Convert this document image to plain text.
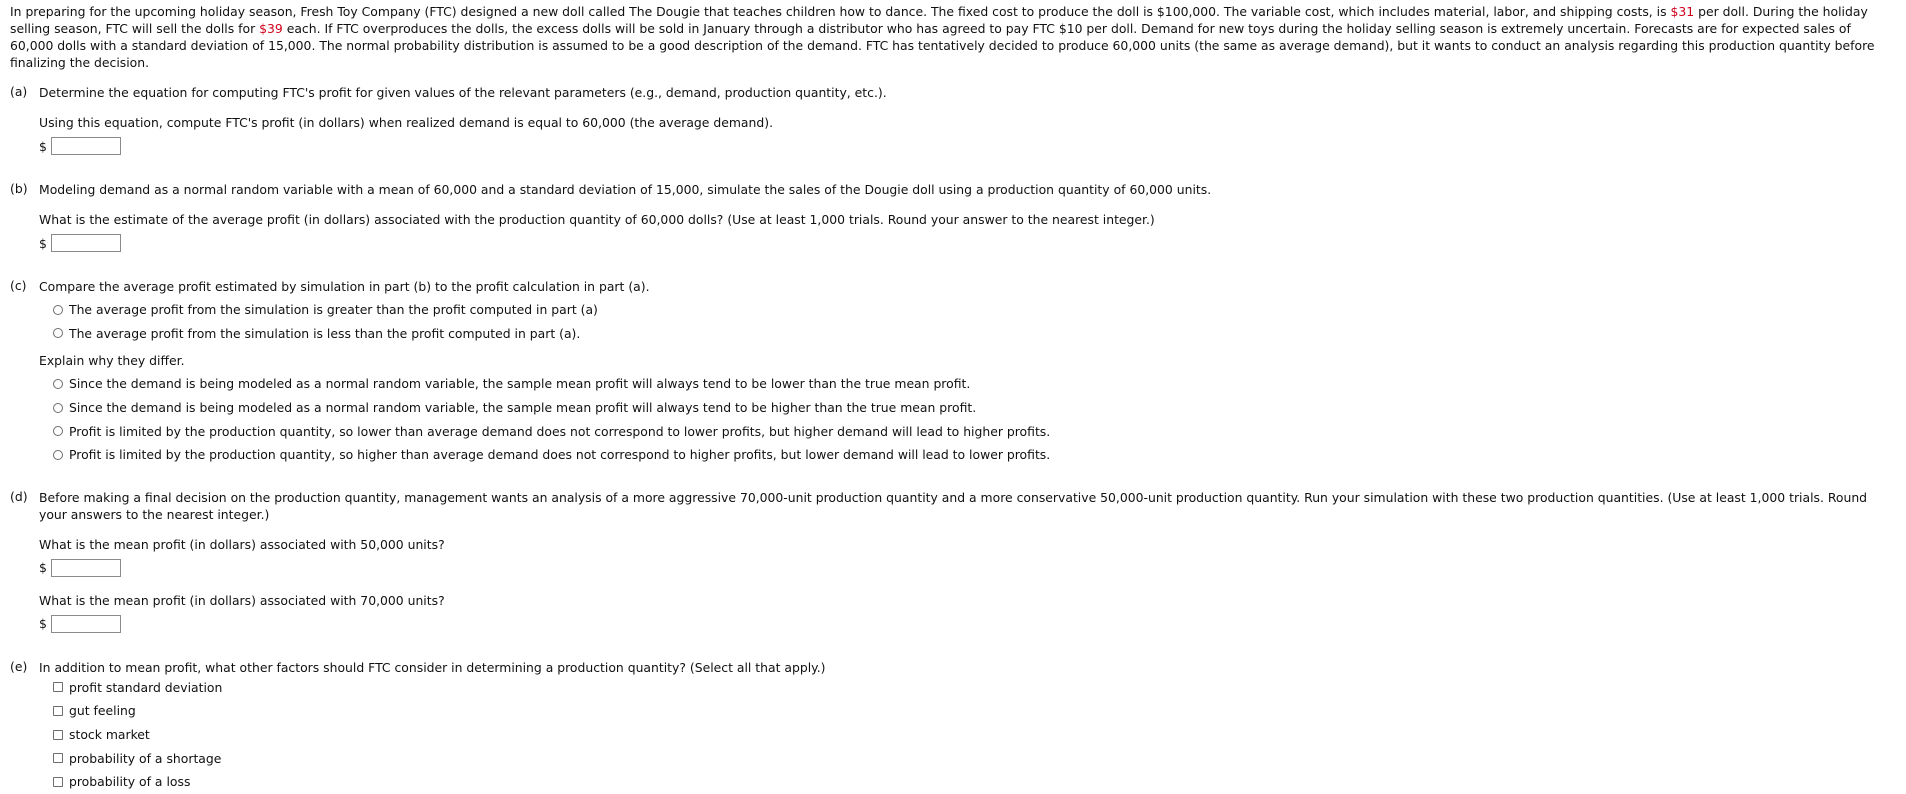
In preparing for the upcoming holiday season, Fresh Toy Company (FTC) designed a new doll called The Dougie that teaches children how to dance. The fixed cost to produce the doll is $100,000. The variable cost, which includes material, labor, and shipping costs, is $31 per doll. During the holiday selling season, FTC will sell the dolls for $39 each. If FTC overproduces the dolls, the excess dolls will be sold in January through a distributor who has agreed to pay FTC $10 per doll. Demand for new toys during the holiday selling season is extremely uncertain. Forecasts are for expected sales of 60,000 dolls with a standard deviation of 15,000. The normal probability distribution is assumed to be a good description of the demand. FTC has tentatively decided to produce 60,000 units (the same as average demand), but it wants to conduct an analysis regarding this production quantity before finalizing the decision.

(a) Determine the equation for computing FTC's profit for given values of the relevant parameters (e.g., demand, production quantity, etc.).

Using this equation, compute FTC's profit (in dollars) when realized demand is equal to 60,000 (the average demand).

$
(b) Modeling demand as a normal random variable with a mean of 60,000 and a standard deviation of 15,000, simulate the sales of the Dougie doll using a production quantity of 60,000 units.

What is the estimate of the average profit (in dollars) associated with the production quantity of 60,000 dolls? (Use at least 1,000 trials. Round your answer to the nearest integer.)

$
(c)	Compare the average profit estimated by simulation in part (b) to the profit calculation in part (a).

The average profit from the simulation is greater than the profit computed in part (a)
The average profit from the simulation is less than the profit computed in part (a).

Explain why they differ.

Since the demand is being modeled as a normal random variable, the sample mean profit will always tend to be lower than the true mean profit.
Since the demand is being modeled as a normal random variable, the sample mean profit will always tend to be higher than the true mean profit.
Profit is limited by the production quantity, so lower than average demand does not correspond to lower profits, but higher demand will lead to higher profits.
Profit is limited by the production quantity, so higher than average demand does not correspond to higher profits, but lower demand will lead to lower profits.
(d) Before making a final decision on the production quantity, management wants an analysis of a more aggressive 70,000-unit production quantity and a more conservative 50,000-unit production quantity. Run your simulation with these two production quantities. (Use at least 1,000 trials. Round your answers to the nearest integer.)

What is the mean profit (in dollars) associated with 50,000 units?

$

What is the mean profit (in dollars) associated with 70,000 units?

$
(e) In addition to mean profit, what other factors should FTC consider in determining a production quantity? (Select all that apply.)

profit standard deviation
gut feeling
stock market
probability of a shortage
probability of a loss
